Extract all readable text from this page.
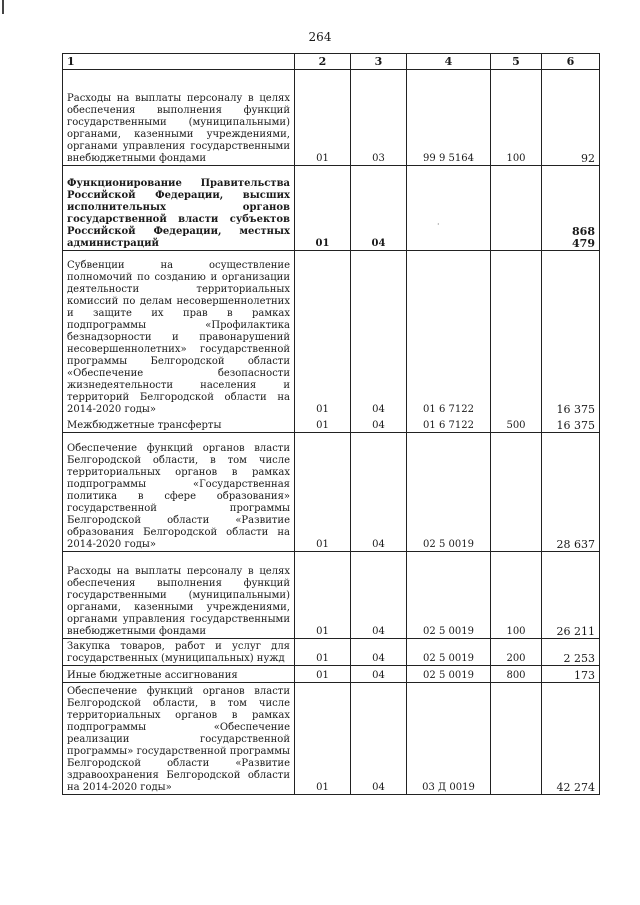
264
1	2	3	4	5	6
Расходы на выплаты персоналу в целях обеспечения выполнения функций государственными (муниципальными) органами, казенными учреждениями, органами управления государственными внебюджетными фондами	01	03	99 9 5164	100	92
Функционирование Правительства Российской Федерации, высших исполнительных органов государственной власти субъектов Российской Федерации, местных администраций	01	04			868 479
Субвенции на осуществление полномочий по созданию и организации деятельности территориальных комиссий по делам несовершеннолетних и защите их прав в рамках подпрограммы «Профилактика безнадзорности и правонарушений несовершеннолетних» государственной программы Белгородской области «Обеспечение безопасности жизнедеятельности населения и территорий Белгородской области на 2014-2020 годы»	01	04	01 6 7122		16 375
Межбюджетные трансферты	01	04	01 6 7122	500	16 375
Обеспечение функций органов власти Белгородской области, в том числе территориальных органов в рамках подпрограммы «Государственная политика в сфере образования» государственной программы Белгородской области «Развитие образования Белгородской области на 2014-2020 годы»	01	04	02 5 0019		28 637
Расходы на выплаты персоналу в целях обеспечения выполнения функций государственными (муниципальными) органами, казенными учреждениями, органами управления государственными внебюджетными фондами	01	04	02 5 0019	100	26 211
Закупка товаров, работ и услуг для государственных (муниципальных) нужд	01	04	02 5 0019	200	2 253
Иные бюджетные ассигнования	01	04	02 5 0019	800	173
Обеспечение функций органов власти Белгородской области, в том числе территориальных органов в рамках подпрограммы «Обеспечение реализации государственной программы» государственной программы Белгородской области «Развитие здравоохранения Белгородской области на 2014-2020 годы»	01	04	03 Д 0019		42 274
·
